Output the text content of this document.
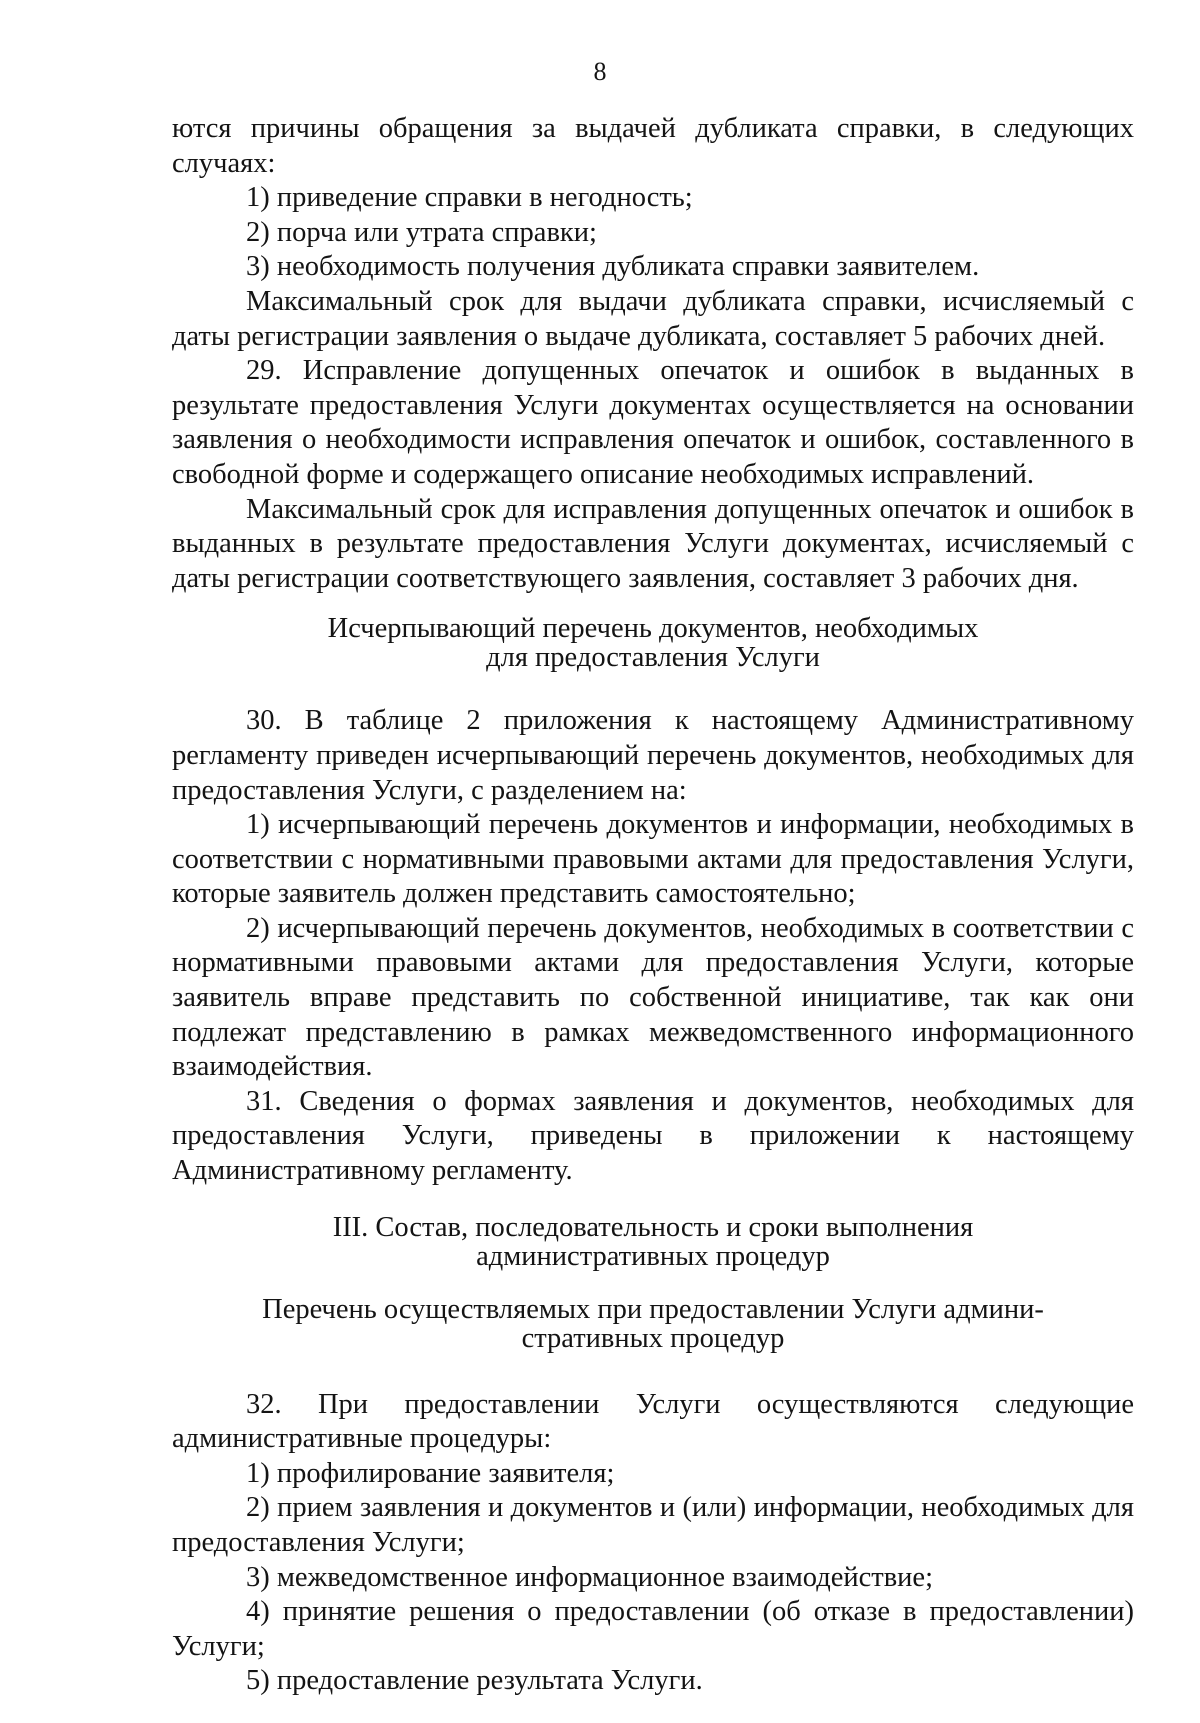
8

ются причины обращения за выдачей дубликата справки, в следующих случаях:

1) приведение справки в негодность;

2) порча или утрата справки;

3) необходимость получения дубликата справки заявителем.

Максимальный срок для выдачи дубликата справки, исчисляемый с даты регистрации заявления о выдаче дубликата, составляет 5 рабочих дней.

29. Исправление допущенных опечаток и ошибок в выданных в результате предоставления Услуги документах осуществляется на основании заявления о необходимости исправления опечаток и ошибок, составленного в свободной форме и содержащего описание необходимых исправлений.

Максимальный срок для исправления допущенных опечаток и ошибок в выданных в результате предоставления Услуги документах, исчисляемый с даты регистрации соответствующего заявления, составляет 3 рабочих дня.

Исчерпывающий перечень документов, необходимых
для предоставления Услуги

30. В таблице 2 приложения к настоящему Административному регламенту приведен исчерпывающий перечень документов, необходимых для предоставления Услуги, с разделением на:

1) исчерпывающий перечень документов и информации, необходимых в соответствии с нормативными правовыми актами для предоставления Услуги, которые заявитель должен представить самостоятельно;

2) исчерпывающий перечень документов, необходимых в соответствии с нормативными правовыми актами для предоставления Услуги, которые заявитель вправе представить по собственной инициативе, так как они подлежат представлению в рамках межведомственного информационного взаимодействия.

31. Сведения о формах заявления и документов, необходимых для предоставления Услуги, приведены в приложении к настоящему Административному регламенту.

III. Состав, последовательность и сроки выполнения
административных процедур
Перечень осуществляемых при предоставлении Услуги админи-
стративных процедур

32. При предоставлении Услуги осуществляются следующие административные процедуры:

1) профилирование заявителя;

2) прием заявления и документов и (или) информации, необходимых для предоставления Услуги;

3) межведомственное информационное взаимодействие;

4) принятие решения о предоставлении (об отказе в предоставлении) Услуги;

5) предоставление результата Услуги.
